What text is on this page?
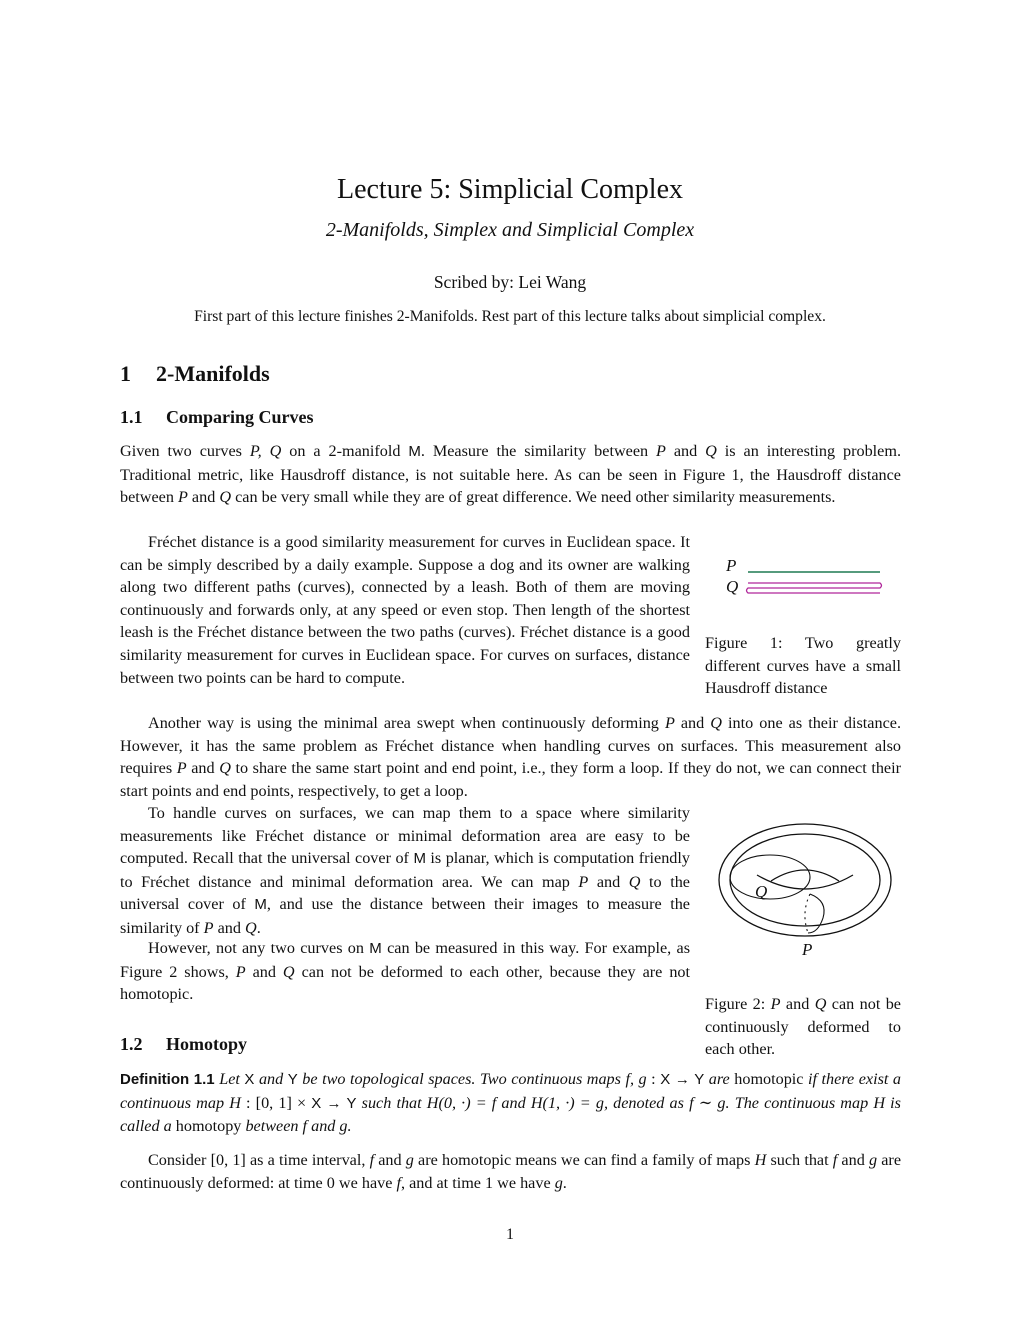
Lecture 5: Simplicial Complex
2-Manifolds, Simplex and Simplicial Complex
Scribed by: Lei Wang
First part of this lecture finishes 2-Manifolds. Rest part of this lecture talks about simplicial complex.
1 2-Manifolds
1.1 Comparing Curves

Given two curves P, Q on a 2-manifold M. Measure the similarity between P and Q is an interesting problem. Traditional metric, like Hausdroff distance, is not suitable here. As can be seen in Figure 1, the Hausdroff distance between P and Q can be very small while they are of great difference. We need other similarity measurements.

Fréchet distance is a good similarity measurement for curves in Euclidean space. It can be simply described by a daily example. Suppose a dog and its owner are walking along two different paths (curves), connected by a leash. Both of them are moving continuously and forwards only, at any speed or even stop. Then length of the shortest leash is the Fréchet distance between the two paths (curves). Fréchet distance is a good similarity measurement for curves in Euclidean space. For curves on surfaces, distance between two points can be hard to compute.

P
Q
Figure 1: Two greatly different curves have a small Hausdroff distance

Another way is using the minimal area swept when continuously deforming P and Q into one as their distance. However, it has the same problem as Fréchet distance when handling curves on surfaces. This measurement also requires P and Q to share the same start point and end point, i.e., they form a loop. If they do not, we can connect their start points and end points, respectively, to get a loop.

To handle curves on surfaces, we can map them to a space where similarity measurements like Fréchet distance or minimal deformation area are easy to be computed. Recall that the universal cover of M is planar, which is computation friendly to Fréchet distance and minimal deformation area. We can map P and Q to the universal cover of M, and use the distance between their images to measure the similarity of P and Q.

However, not any two curves on M can be measured in this way. For example, as Figure 2 shows, P and Q can not be deformed to each other, because they are not homotopic.

Q
P
Figure 2: P and Q can not be continuously deformed to each other.
1.2 Homotopy

Definition 1.1 Let X and Y be two topological spaces. Two continuous maps f, g : X → Y are homotopic if there exist a continuous map H : [0, 1] × X → Y such that H(0, ·) = f and H(1, ·) = g, denoted as f ∼ g. The continuous map H is called a homotopy between f and g.

Consider [0, 1] as a time interval, f and g are homotopic means we can find a family of maps H such that f and g are continuously deformed: at time 0 we have f, and at time 1 we have g.

1
